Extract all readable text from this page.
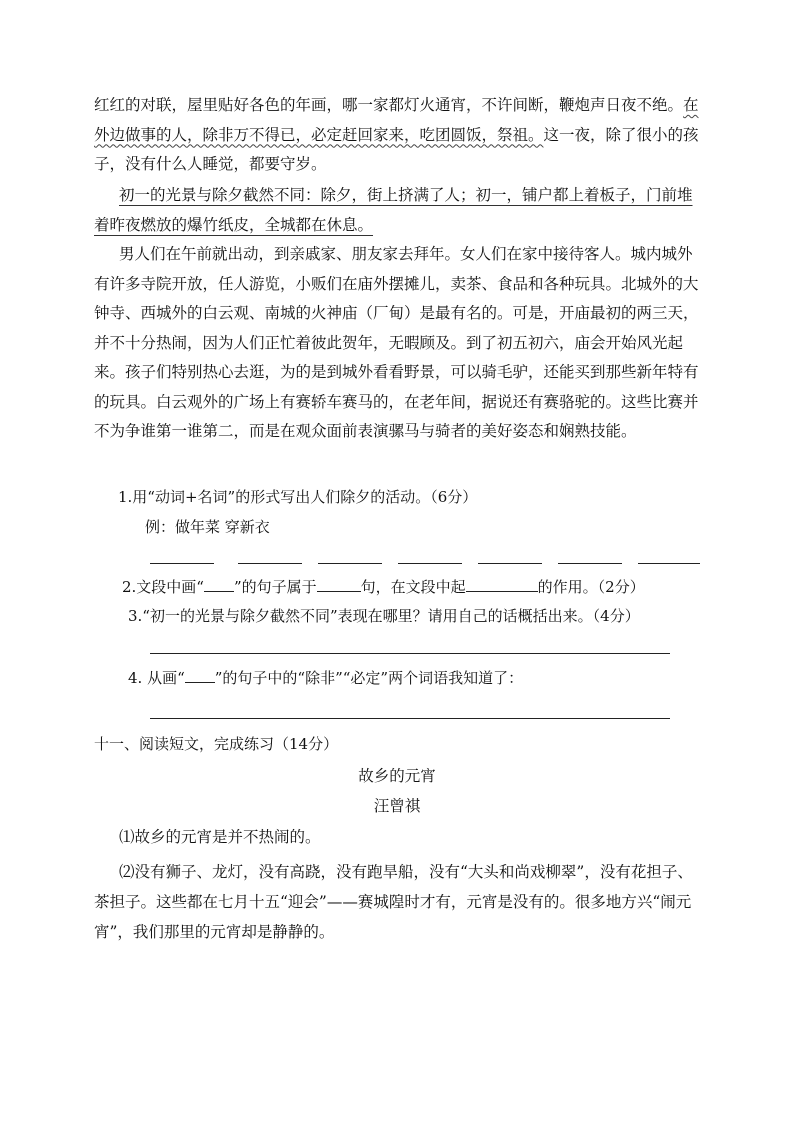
红红的对联，屋里贴好各色的年画，哪一家都灯火通宵，不许间断，鞭炮声日夜不绝。在外边做事的人，除非万不得已，必定赶回家来，吃团圆饭，祭祖。这一夜，除了很小的孩子，没有什么人睡觉，都要守岁。

初一的光景与除夕截然不同：除夕，街上挤满了人；初一，铺户都上着板子，门前堆着昨夜燃放的爆竹纸皮，全城都在休息。

男人们在午前就出动，到亲戚家、朋友家去拜年。女人们在家中接待客人。城内城外有许多寺院开放，任人游览，小贩们在庙外摆摊儿，卖茶、食品和各种玩具。北城外的大钟寺、西城外的白云观、南城的火神庙（厂甸）是最有名的。可是，开庙最初的两三天，并不十分热闹，因为人们正忙着彼此贺年，无暇顾及。到了初五初六，庙会开始风光起来。孩子们特别热心去逛，为的是到城外看看野景，可以骑毛驴，还能买到那些新年特有的玩具。白云观外的广场上有赛轿车赛马的，在老年间，据说还有赛骆驼的。这些比赛并不为争谁第一谁第二，而是在观众面前表演骡马与骑者的美好姿态和娴熟技能。

1.用“动词+名词”的形式写出人们除夕的活动。（6分）
例：做年菜 穿新衣
2.文段中画“ ”的句子属于	句，在文段中起	的作用。（2分）
3.“初一的光景与除夕截然不同”表现在哪里？请用自己的话概括出来。（4分）
4. 从画“ ”的句子中的“除非”“必定”两个词语我知道了：
十一、阅读短文，完成练习（14分）
故乡的元宵
汪曾祺

⑴故乡的元宵是并不热闹的。

⑵没有狮子、龙灯，没有高跷，没有跑旱船，没有“大头和尚戏柳翠”，没有花担子、茶担子。这些都在七月十五“迎会”——赛城隍时才有，元宵是没有的。很多地方兴“闹元宵”，我们那里的元宵却是静静的。
